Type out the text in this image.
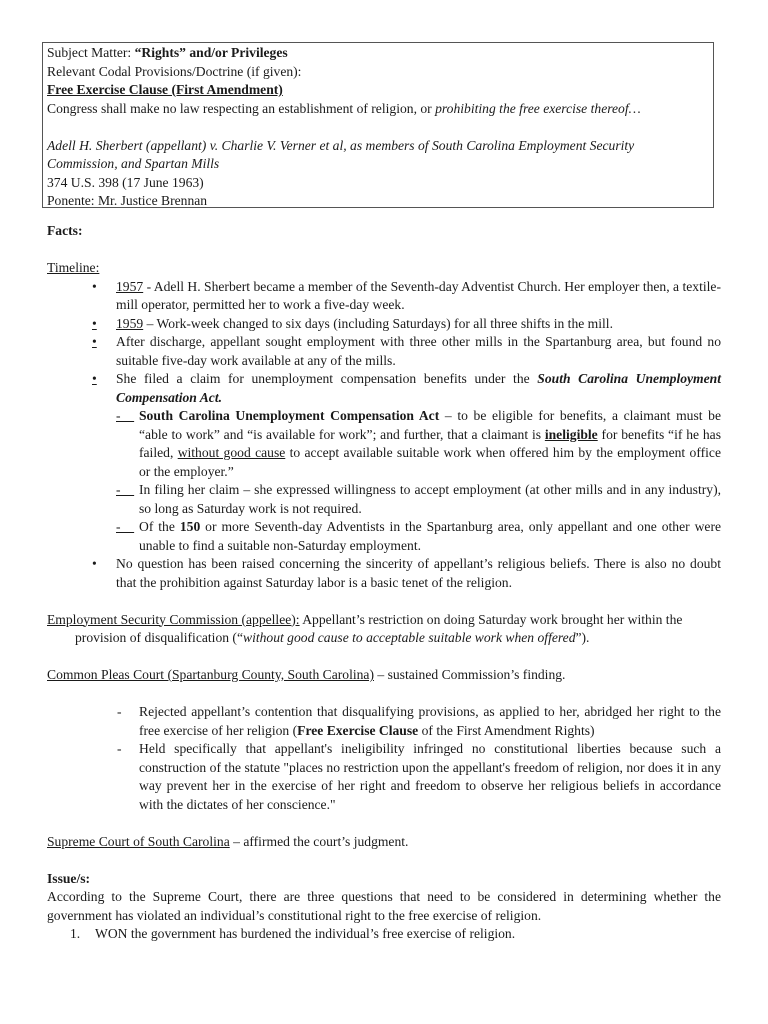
Subject Matter: “Rights” and/or Privileges
Relevant Codal Provisions/Doctrine (if given):
Free Exercise Clause (First Amendment)
Congress shall make no law respecting an establishment of religion, or prohibiting the free exercise thereof…
Adell H. Sherbert (appellant) v. Charlie V. Verner et al, as members of South Carolina Employment Security
Commission, and Spartan Mills
374 U.S. 398 (17 June 1963)
Ponente: Mr. Justice Brennan
Facts:
Timeline:
• 1957 - Adell H. Sherbert became a member of the Seventh-day Adventist Church. Her employer then, a textile-mill operator, permitted her to work a five-day week.
• 1959 – Work-week changed to six days (including Saturdays) for all three shifts in the mill.
• After discharge, appellant sought employment with three other mills in the Spartanburg area, but found no suitable five-day work available at any of the mills.
• She filed a claim for unemployment compensation benefits under the South Carolina Unemployment Compensation Act.
- South Carolina Unemployment Compensation Act – to be eligible for benefits, a claimant must be “able to work” and “is available for work”; and further, that a claimant is ineligible for benefits “if he has failed, without good cause to accept available suitable work when offered him by the employment office or the employer.”
- In filing her claim – she expressed willingness to accept employment (at other mills and in any industry), so long as Saturday work is not required.
- Of the 150 or more Seventh-day Adventists in the Spartanburg area, only appellant and one other were unable to find a suitable non-Saturday employment.
• No question has been raised concerning the sincerity of appellant’s religious beliefs. There is also no doubt that the prohibition against Saturday labor is a basic tenet of the religion.
Employment Security Commission (appellee): Appellant’s restriction on doing Saturday work brought her within the
provision of disqualification (“without good cause to acceptable suitable work when offered”).
Common Pleas Court (Spartanburg County, South Carolina) – sustained Commission’s finding.
- Rejected appellant’s contention that disqualifying provisions, as applied to her, abridged her right to the free exercise of her religion (Free Exercise Clause of the First Amendment Rights)
- Held specifically that appellant's ineligibility infringed no constitutional liberties because such a construction of the statute "places no restriction upon the appellant's freedom of religion, nor does it in any way prevent her in the exercise of her right and freedom to observe her religious beliefs in accordance with the dictates of her conscience."
Supreme Court of South Carolina – affirmed the court’s judgment.
Issue/s:
According to the Supreme Court, there are three questions that need to be considered in determining whether the government has violated an individual’s constitutional right to the free exercise of religion.
1. WON the government has burdened the individual’s free exercise of religion.
